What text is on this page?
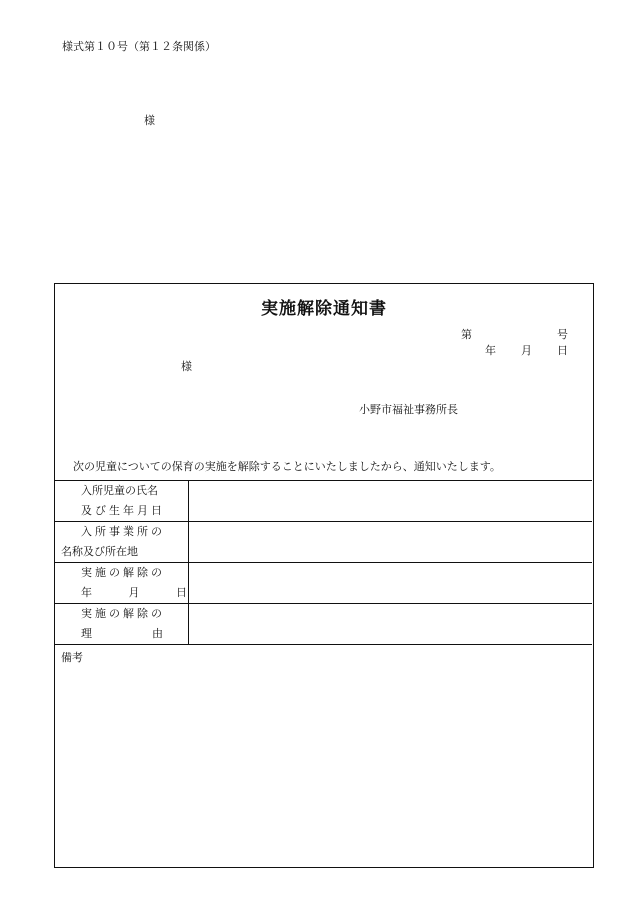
様式第１０号（第１２条関係）
様
実施解除通知書
第	号
年 月 日
様
小野市福祉事務所長
次の児童についての保育の実施を解除することにいたしましたから、通知いたします。
入所児童の氏名
及び生年月日	

入所事業所の
名称及び所在地	

実施の解除の
年 月 日	

実施の解除の
理 由	

備考
